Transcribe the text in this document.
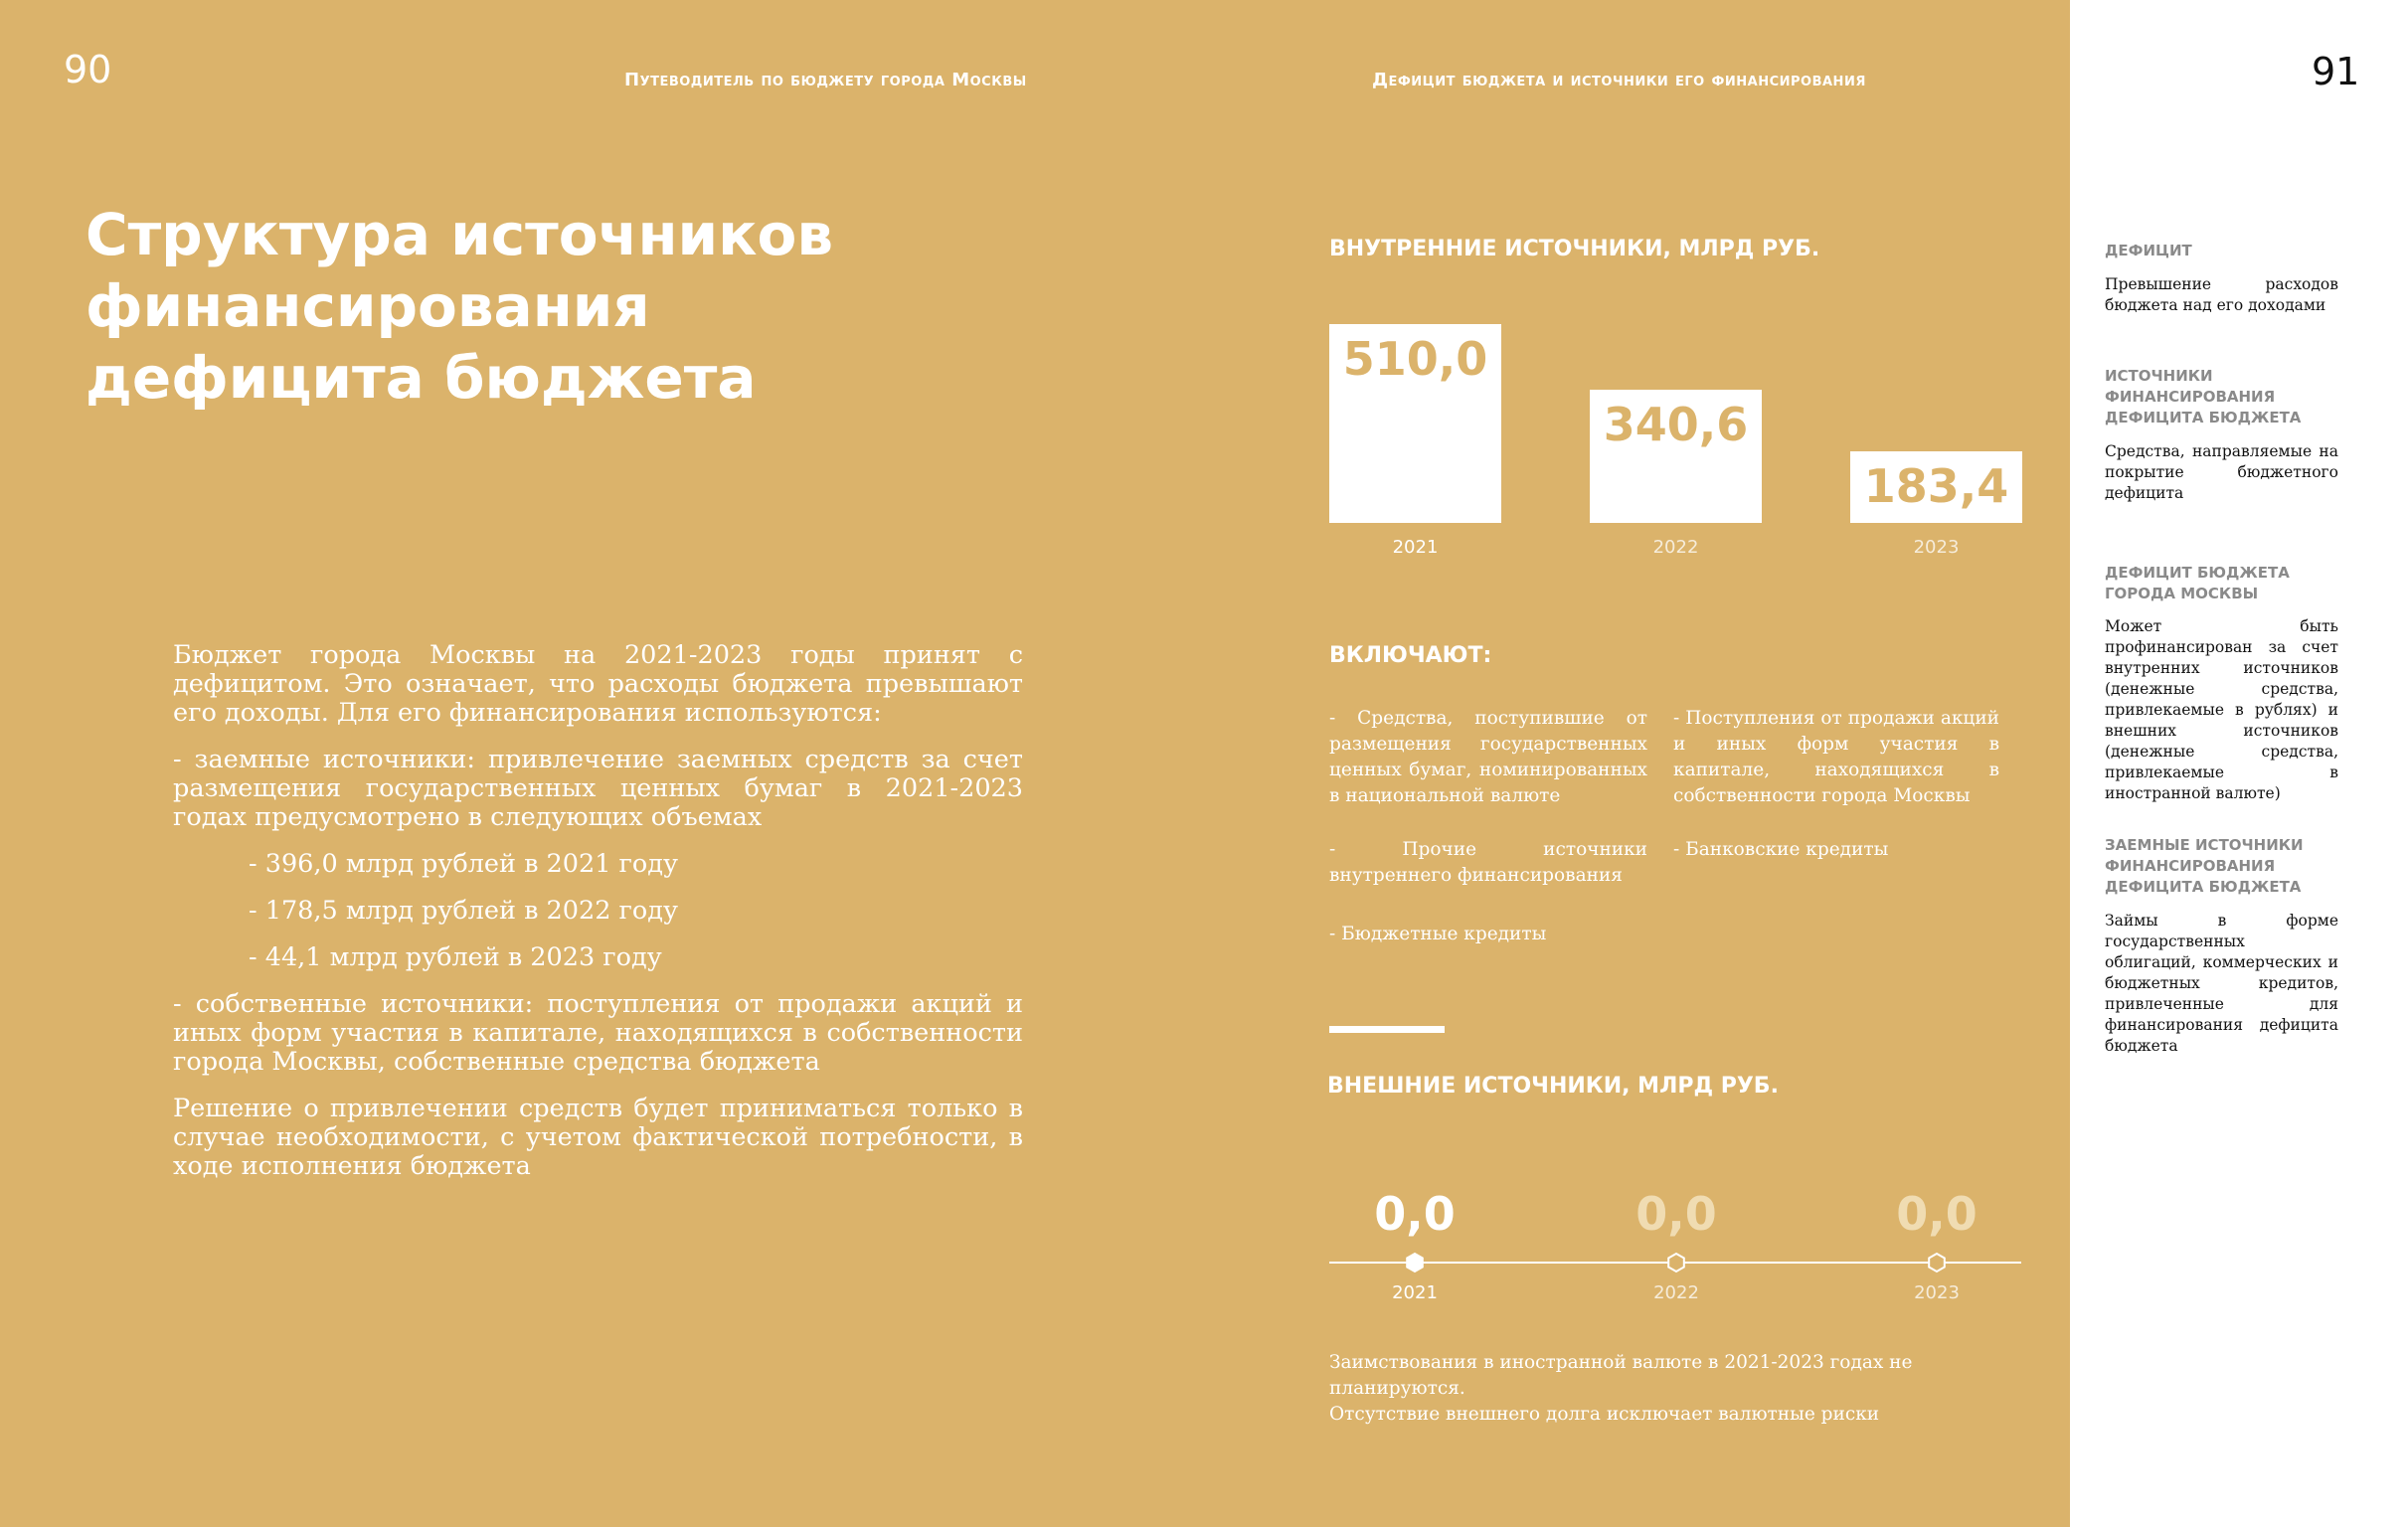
90	Путеводитель по бюджету города Москвы	Дефицит бюджета и источники его финансирования	91
Структура источников
финансирования
дефицита бюджета

Бюджет города Москвы на 2021-2023 годы принят с дефицитом. Это означает, что расходы бюджета превышают его доходы. Для его финансирования используются:

- заемные источники: привлечение заемных средств за счет размещения государственных ценных бумаг в 2021-2023 годах предусмотрено в следующих объемах

- 396,0 млрд рублей в 2021 году
- 178,5 млрд рублей в 2022 году
- 44,1 млрд рублей в 2023 году

- собственные источники: поступления от продажи акций и иных форм участия в капитале, находящихся в собственности города Москвы, собственные средства бюджета

Решение о привлечении средств будет приниматься только в случае необходимости, с учетом фактической потребности, в ходе исполнения бюджета

ВНУТРЕННИЕ ИСТОЧНИКИ, МЛРД РУБ.
510,0
2021
340,6
2022
183,4
2023
ВКЛЮЧАЮТ:
- Средства, поступившие от размещения государственных ценных бумаг, номинированных в национальной валюте
- Поступления от продажи акций и иных форм участия в капитале, находящихся в собственности города Москвы
- Прочие источники внутреннего финансирования
- Банковские кредиты
- Бюджетные кредиты
ВНЕШНИЕ ИСТОЧНИКИ, МЛРД РУБ.
0,0
2021
0,0
2022
0,0
2023
Заимствования в иностранной валюте в 2021-2023 годах не планируются.
Отсутствие внешнего долга исключает валютные риски
ДЕФИЦИТ
Превышение расходов бюджета над его доходами
ИСТОЧНИКИ ФИНАНСИРОВАНИЯ ДЕФИЦИТА БЮДЖЕТА
Средства, направляемые на покрытие бюджетного дефицита
ДЕФИЦИТ БЮДЖЕТА ГОРОДА МОСКВЫ
Может быть профинансирован за счет внутренних источников (денежные средства, привлекаемые в рублях) и внешних источников (денежные средства, привлекаемые в иностранной валюте)
ЗАЕМНЫЕ ИСТОЧНИКИ ФИНАНСИРОВАНИЯ ДЕФИЦИТА БЮДЖЕТА
Займы в форме государственных облигаций, коммерческих и бюджетных кредитов, привлеченные для финансирования дефицита бюджета
